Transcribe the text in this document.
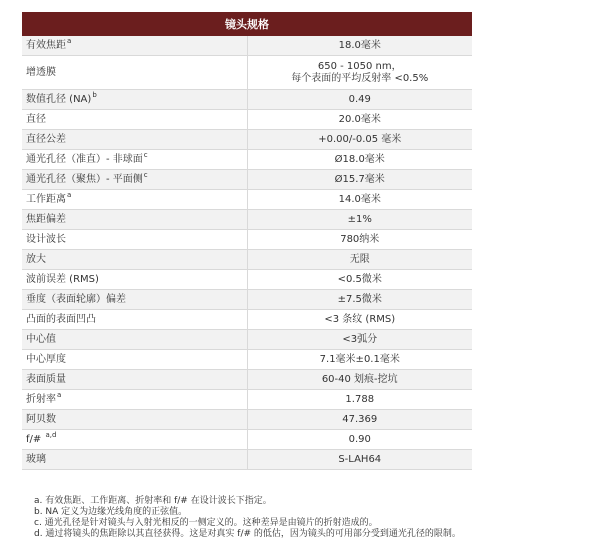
镜头规格	
有效焦距$^a$	18.0毫米
增透膜	650 - 1050 nm，
每个表面的平均反射率 <0.5%

数值孔径 (NA)$^b$	0.49
直径	20.0毫米
直径公差	+0.00/-0.05 毫米
通光孔径（准直）- 非球面$^c$	Ø18.0毫米
通光孔径（聚焦）- 平面侧$^c$	Ø15.7毫米
工作距离$^a$	14.0毫米
焦距偏差	±1%
设计波长	780纳米
放大	无限
波前误差 (RMS)	<0.5微米
垂度（表面轮廓）偏差	±7.5微米
凸面的表面凹凸	<3 条纹 (RMS)
中心值	<3弧分
中心厚度	7.1毫米±0.1毫米
表面质量	60-40 划痕-挖坑
折射率$^a$	1.788
阿贝数	47.369
f/# $^{a,d}$	0.90
玻璃	S-LAH64
a. 有效焦距、工作距离、折射率和 f/# 在设计波长下指定。
b. NA 定义为边缘光线角度的正弦值。
c. 通光孔径是针对镜头与入射光相反的一侧定义的。这种差异是由镜片的折射造成的。
d. 通过将镜头的焦距除以其直径获得。这是对真实 f/# 的低估，因为镜头的可用部分受到通光孔径的限制。
